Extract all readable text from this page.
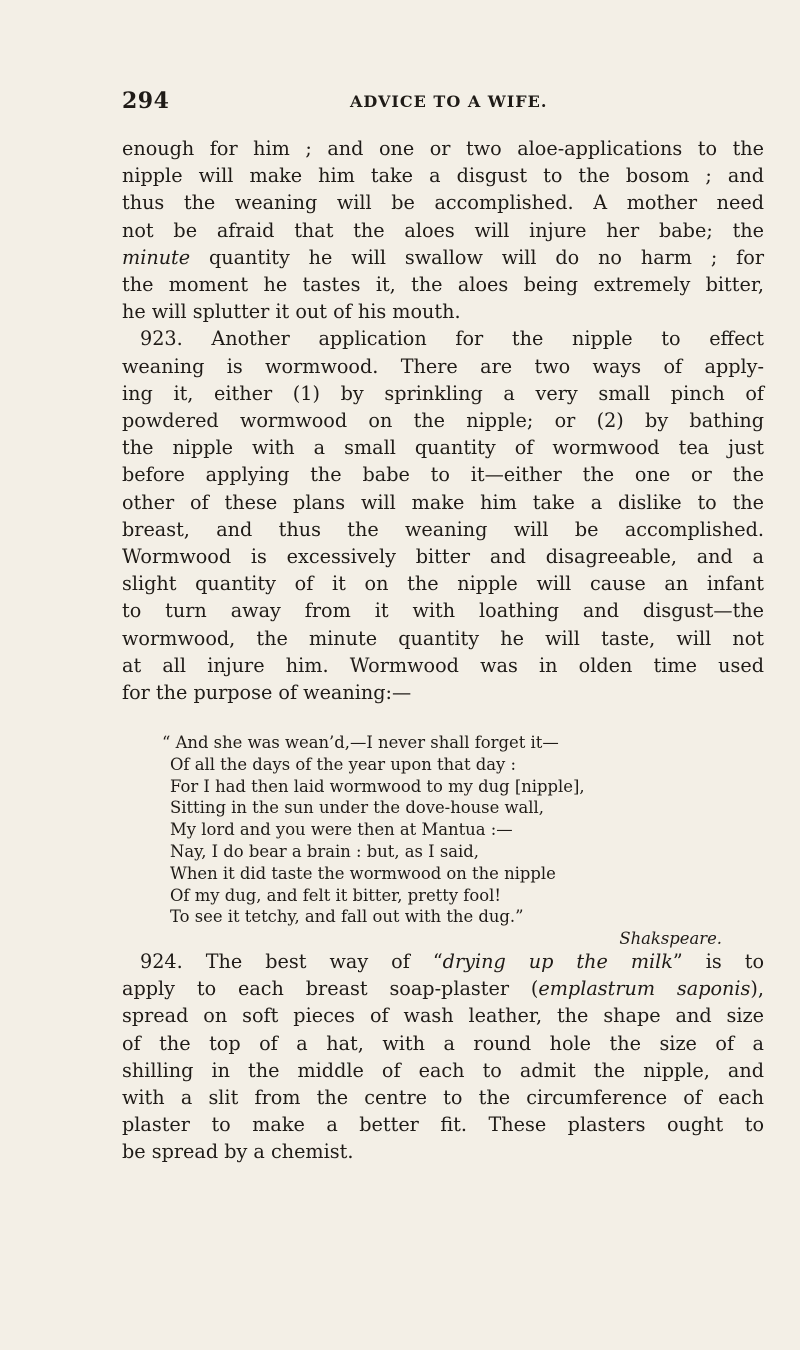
294	ADVICE TO A WIFE.
enough for him ; and one or two aloe-applications to the
nipple will make him take a disgust to the bosom ; and
thus the weaning will be accomplished. A mother need
not be afraid that the aloes will injure her babe; the
minute quantity he will swallow will do no harm ; for
the moment he tastes it, the aloes being extremely bitter,
he will splutter it out of his mouth.
923. Another application for the nipple to effect
weaning is wormwood. There are two ways of apply-
ing it, either (1) by sprinkling a very small pinch of
powdered wormwood on the nipple; or (2) by bathing
the nipple with a small quantity of wormwood tea just
before applying the babe to it—either the one or the
other of these plans will make him take a dislike to the
breast, and thus the weaning will be accomplished.
Wormwood is excessively bitter and disagreeable, and a
slight quantity of it on the nipple will cause an infant
to turn away from it with loathing and disgust—the
wormwood, the minute quantity he will taste, will not
at all injure him. Wormwood was in olden time used
for the purpose of weaning:—
“ And she was wean’d,—I never shall forget it—
Of all the days of the year upon that day :
For I had then laid wormwood to my dug [nipple],
Sitting in the sun under the dove-house wall,
My lord and you were then at Mantua :—
Nay, I do bear a brain : but, as I said,
When it did taste the wormwood on the nipple
Of my dug, and felt it bitter, pretty fool!
To see it tetchy, and fall out with the dug.”
Shakspeare.
924. The best way of “drying up the milk” is to
apply to each breast soap-plaster (emplastrum saponis),
spread on soft pieces of wash leather, the shape and size
of the top of a hat, with a round hole the size of a
shilling in the middle of each to admit the nipple, and
with a slit from the centre to the circumference of each
plaster to make a better fit. These plasters ought to
be spread by a chemist.
